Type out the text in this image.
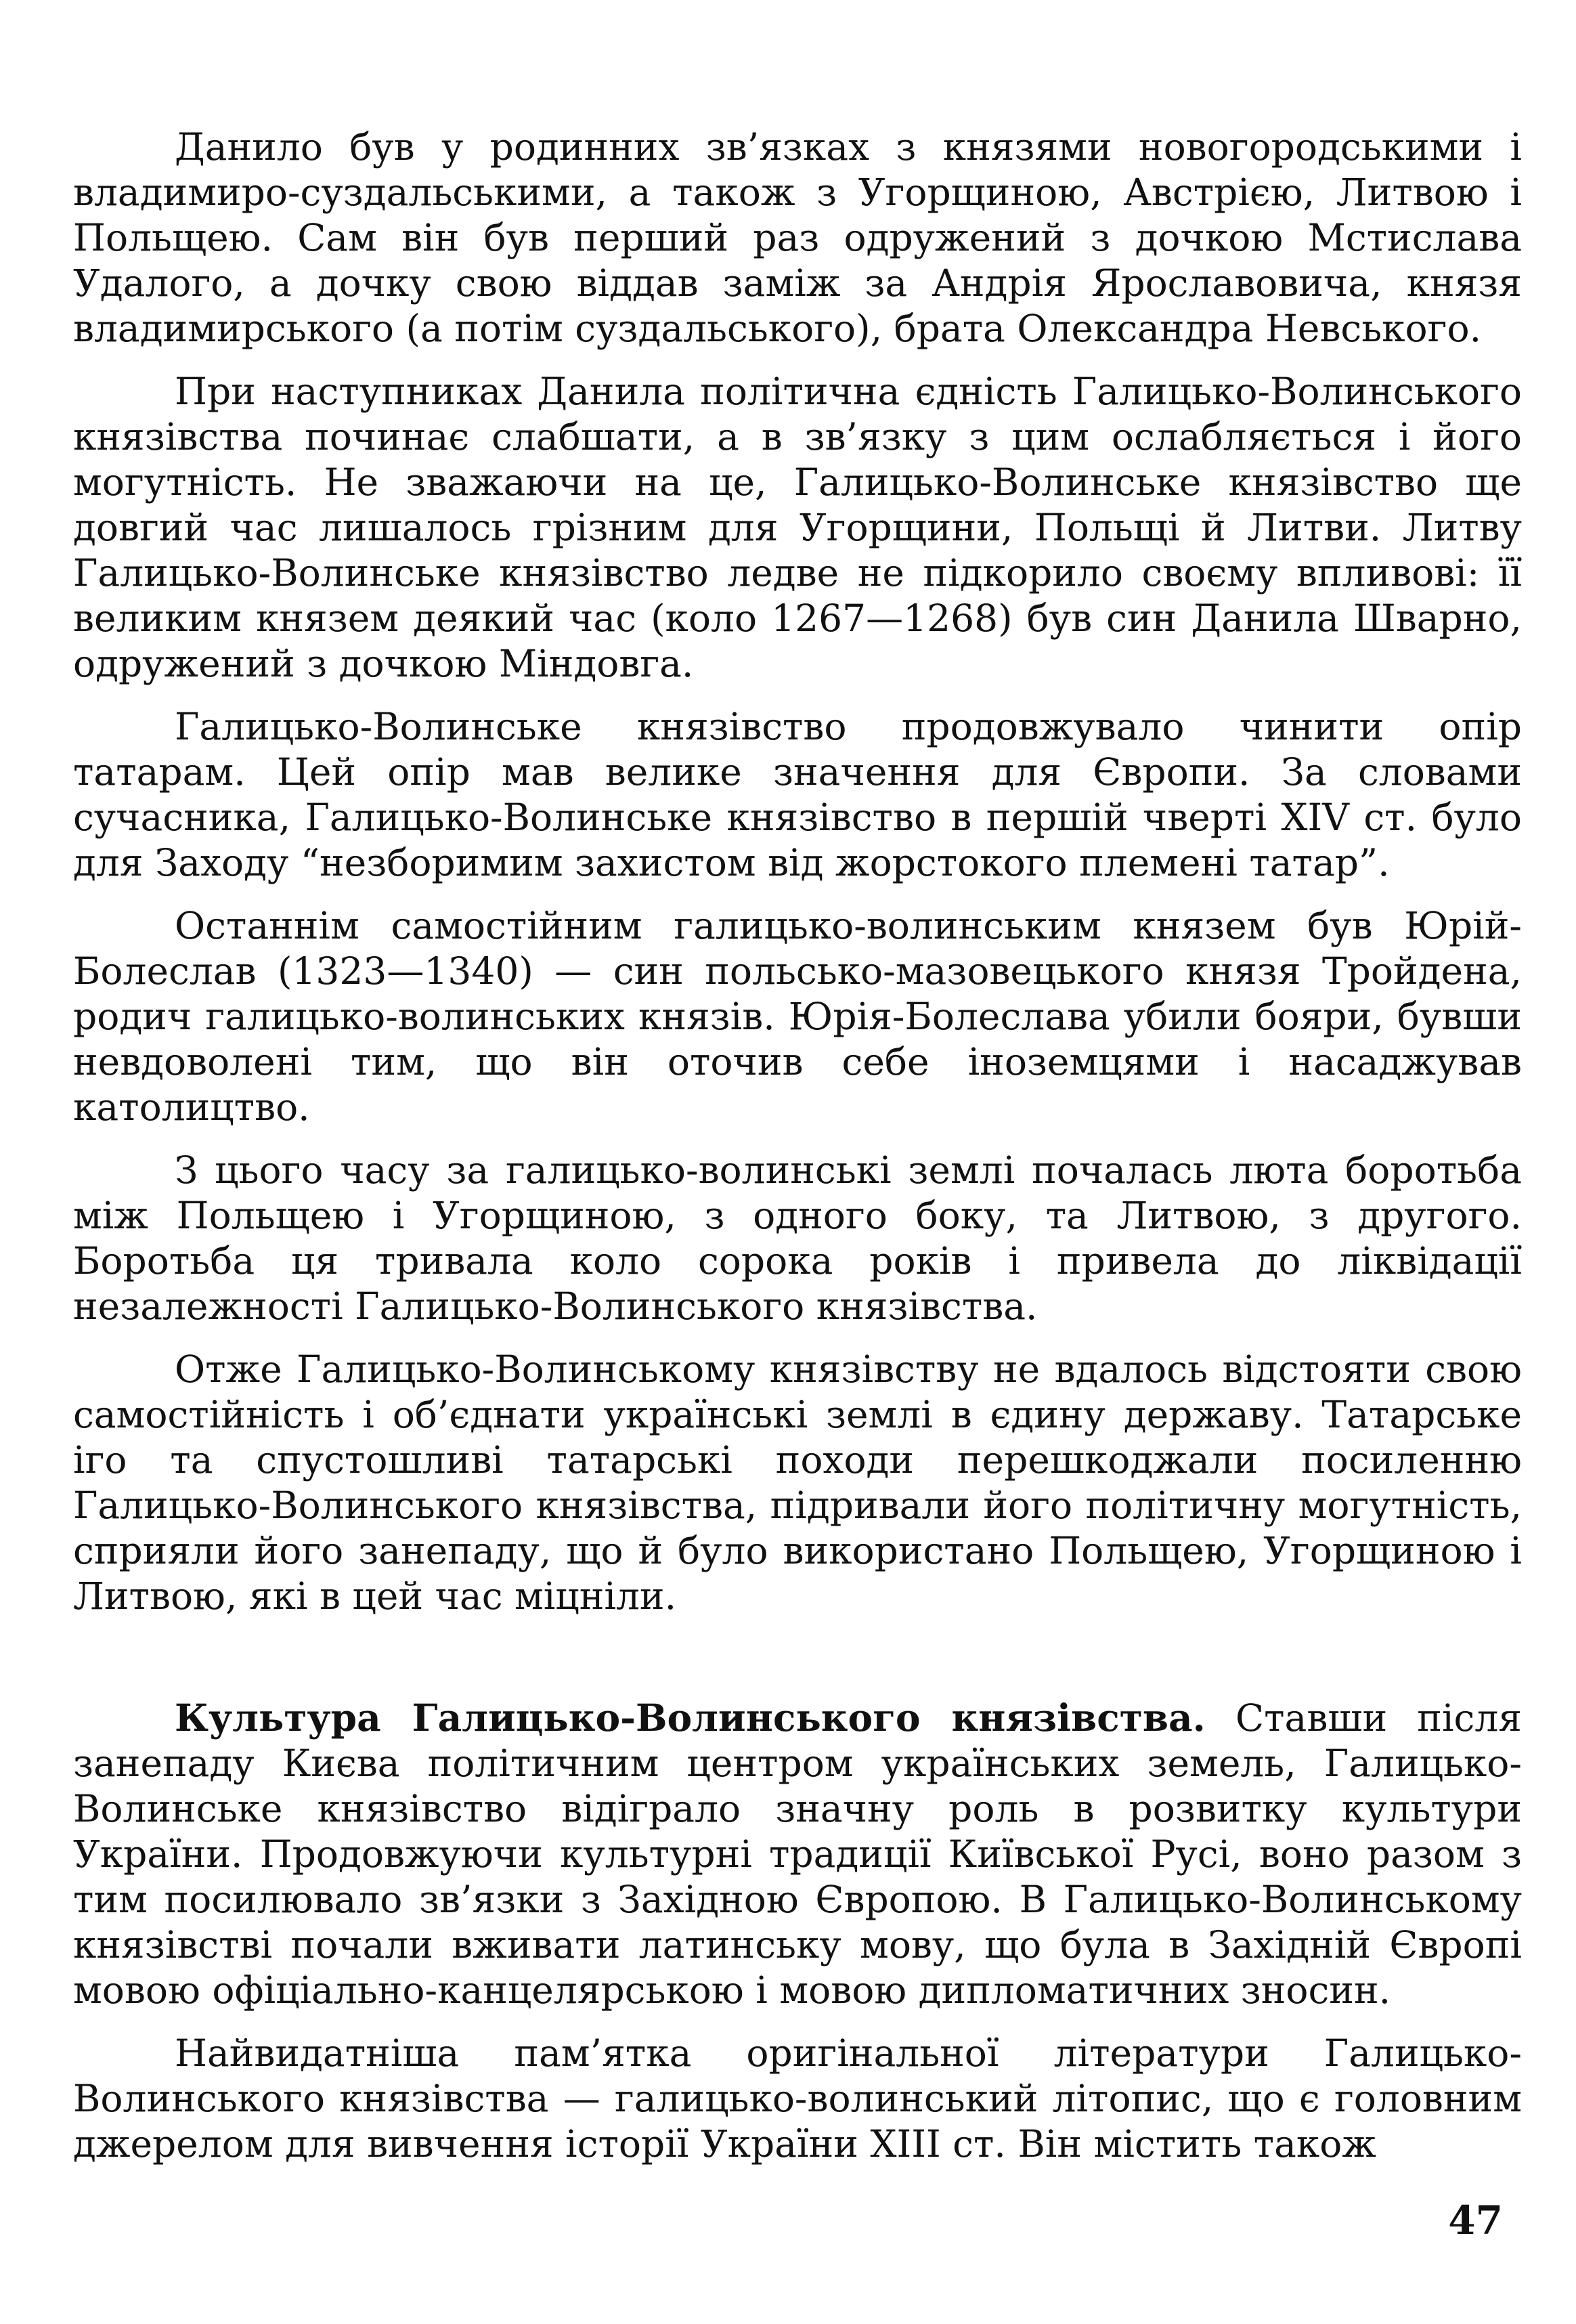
Данило був у родинних зв’язках з князями новогородськими і владимиро-суздальськими, а також з Угорщиною, Австрією, Литвою і Польщею. Сам він був перший раз одружений з дочкою Мстислава Удалого, а дочку свою віддав заміж за Андрія Ярославовича, князя владимирського (а потім суздальського), брата Олександра Невського.

При наступниках Данила політична єдність Галицько-Волинського князівства починає слабшати, а в зв’язку з цим ослабляється і його могутність. Не зважаючи на це, Галицько-Волинське князівство ще довгий час лишалось грізним для Угорщини, Польщі й Литви. Литву Галицько-Волинське князівство ледве не підкорило своєму впливові: її великим князем деякий час (коло 1267—1268) був син Данила Шварно, одружений з дочкою Міндовга.

Галицько-Волинське князівство продовжувало чинити опір татарам. Цей опір мав велике значення для Європи. За словами сучасника, Галицько-Волинське князівство в першій чверті XIV ст. було для Заходу “незборимим захистом від жорстокого племені татар”.

Останнім самостійним галицько-волинським князем був Юрій-Болеслав (1323—1340) — син польсько-мазовецького князя Тройдена, родич галицько-волинських князів. Юрія-Болеслава убили бояри, бувши невдоволені тим, що він оточив себе іноземцями і насаджував католицтво.

З цього часу за галицько-волинські землі почалась люта боротьба між Польщею і Угорщиною, з одного боку, та Литвою, з другого. Боротьба ця тривала коло сорока років і привела до ліквідації незалежності Галицько-Волинського князівства.

Отже Галицько-Волинському князівству не вдалось відстояти свою самостійність і об’єднати українські землі в єдину державу. Татарське іго та спустошливі татарські походи перешкоджали посиленню Галицько-Волинського князівства, підривали його політичну могутність, сприяли його занепаду, що й було використано Польщею, Угорщиною і Литвою, які в цей час міцніли.

Культура Галицько-Волинського князівства. Ставши після занепаду Києва політичним центром українських земель, Галицько-Волинське князівство відіграло значну роль в розвитку культури України. Продовжуючи культурні традиції Київської Русі, воно разом з тим посилювало зв’язки з Західною Європою. В Галицько-Волинському князівстві почали вживати латинську мову, що була в Західній Європі мовою офіціально-канцелярською і мовою дипломатичних зносин.

Найвидатніша пам’ятка оригінальної літератури Галицько-Волинського князівства — галицько-волинський літопис, що є головним джерелом для вивчення історії України XIII ст. Він містить також

47
